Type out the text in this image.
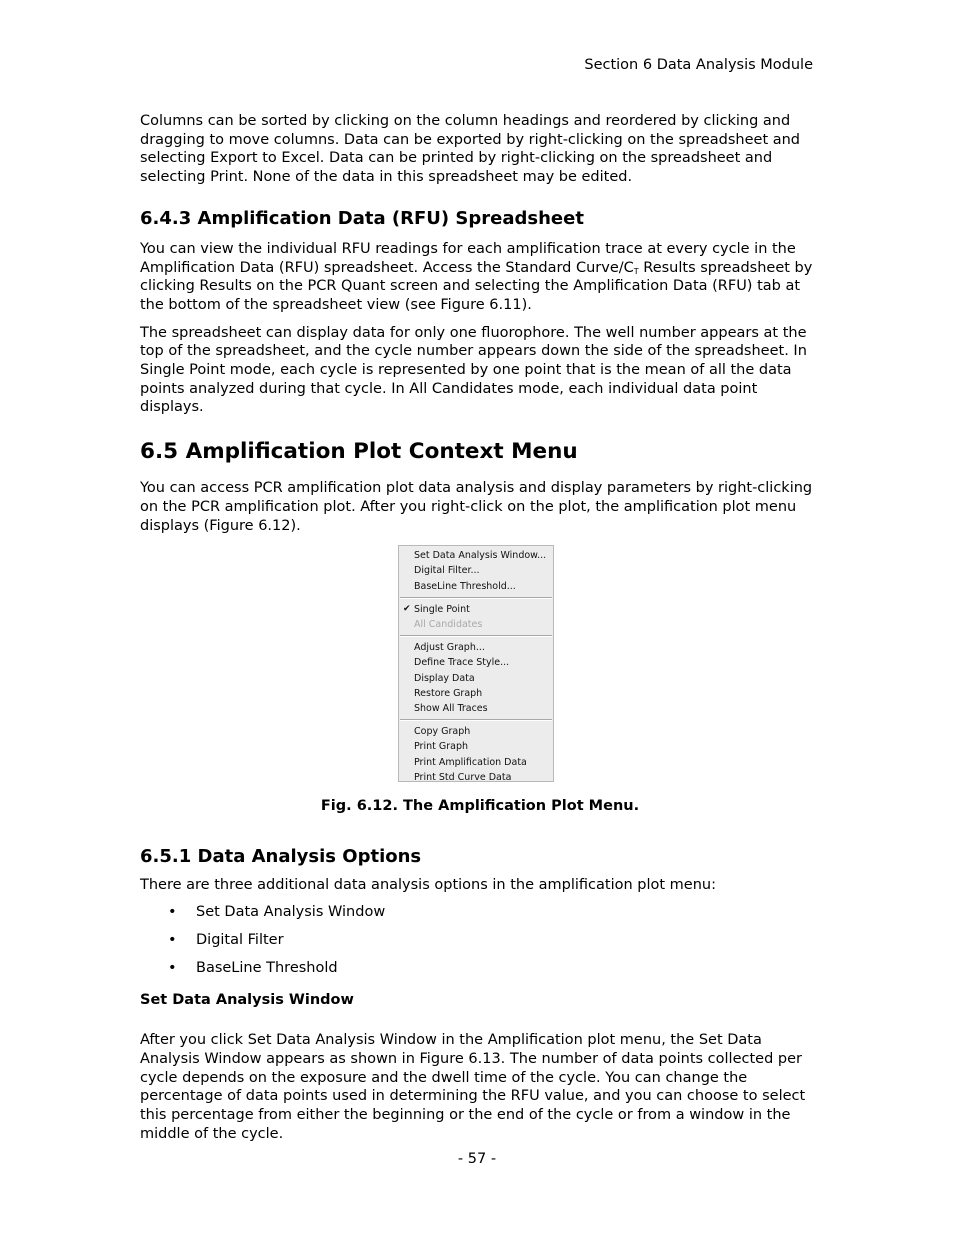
Section 6 Data Analysis Module

Columns can be sorted by clicking on the column headings and reordered by clicking and dragging to move columns. Data can be exported by right-clicking on the spreadsheet and selecting Export to Excel. Data can be printed by right-clicking on the spreadsheet and selecting Print. None of the data in this spreadsheet may be edited.

6.4.3 Amplification Data (RFU) Spreadsheet

You can view the individual RFU readings for each amplification trace at every cycle in the Amplification Data (RFU) spreadsheet. Access the Standard Curve/$C_T$ Results spreadsheet by clicking Results on the PCR Quant screen and selecting the Amplification Data (RFU) tab at the bottom of the spreadsheet view (see Figure 6.11).

The spreadsheet can display data for only one fluorophore. The well number appears at the top of the spreadsheet, and the cycle number appears down the side of the spreadsheet. In Single Point mode, each cycle is represented by one point that is the mean of all the data points analyzed during that cycle. In All Candidates mode, each individual data point displays.

6.5 Amplification Plot Context Menu

You can access PCR amplification plot data analysis and display parameters by right-clicking on the PCR amplification plot. After you right-click on the plot, the amplification plot menu displays (Figure 6.12).

Set Data Analysis Window...
Digital Filter...
BaseLine Threshold...
✔ Single Point
All Candidates
Adjust Graph...
Define Trace Style...
Display Data
Restore Graph
Show All Traces
Copy Graph
Print Graph
Print Amplification Data
Print Std Curve Data

Fig. 6.12. The Amplification Plot Menu.

6.5.1 Data Analysis Options

There are three additional data analysis options in the amplification plot menu:

• Set Data Analysis Window
• Digital Filter
• BaseLine Threshold

Set Data Analysis Window

After you click Set Data Analysis Window in the Amplification plot menu, the Set Data Analysis Window appears as shown in Figure 6.13. The number of data points collected per cycle depends on the exposure and the dwell time of the cycle. You can change the percentage of data points used in determining the RFU value, and you can choose to select this percentage from either the beginning or the end of the cycle or from a window in the middle of the cycle.

- 57 -
